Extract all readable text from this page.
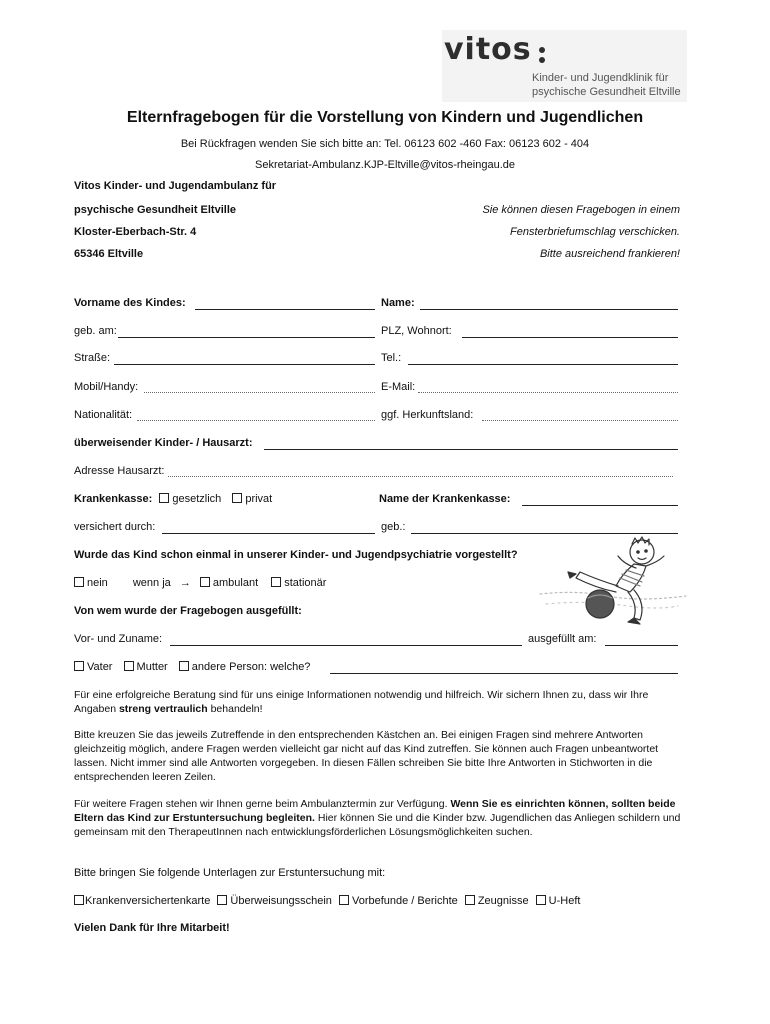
vitos
Kinder- und Jugendklinik für
psychische Gesundheit Eltville
Elternfragebogen für die Vorstellung von Kindern und Jugendlichen
Bei Rückfragen wenden Sie sich bitte an: Tel. 06123 602 -460 Fax: 06123 602 - 404
Sekretariat-Ambulanz.KJP-Eltville@vitos-rheingau.de
Vitos Kinder- und Jugendambulanz für
psychische Gesundheit Eltville
Kloster-Eberbach-Str. 4
65346 Eltville
Sie können diesen Fragebogen in einem
Fensterbriefumschlag verschicken.
Bitte ausreichend frankieren!
Vorname des Kindes:	Name:
geb. am:	PLZ, Wohnort:
Straße:	Tel.:
Mobil/Handy:	E-Mail:
Nationalität:	ggf. Herkunftsland:
überweisender Kinder- / Hausarzt:
Adresse Hausarzt:
Krankenkasse: gesetzlich privat	Name der Krankenkasse:
versichert durch:	geb.:
Wurde das Kind schon einmal in unserer Kinder- und Jugendpsychiatrie vorgestellt?
nein wenn ja → ambulant stationär
Von wem wurde der Fragebogen ausgefüllt:
Vor- und Zuname:	ausgefüllt am:
Vater Mutter andere Person: welche?
Für eine erfolgreiche Beratung sind für uns einige Informationen notwendig und hilfreich. Wir sichern Ihnen zu, dass wir Ihre Angaben streng vertraulich behandeln!
Bitte kreuzen Sie das jeweils Zutreffende in den entsprechenden Kästchen an. Bei einigen Fragen sind mehrere Antworten gleichzeitig möglich, andere Fragen werden vielleicht gar nicht auf das Kind zutreffen. Sie können auch Fragen unbeantwortet lassen. Nicht immer sind alle Antworten vorgegeben. In diesen Fällen schreiben Sie bitte Ihre Antworten in Stichworten in die entsprechenden leeren Zeilen.
Für weitere Fragen stehen wir Ihnen gerne beim Ambulanztermin zur Verfügung. Wenn Sie es einrichten können, sollten beide Eltern das Kind zur Erstuntersuchung begleiten. Hier können Sie und die Kinder bzw. Jugendlichen das Anliegen schildern und gemeinsam mit den TherapeutInnen nach entwicklungsförderlichen Lösungsmöglichkeiten suchen.
Bitte bringen Sie folgende Unterlagen zur Erstuntersuchung mit:
Krankenversichertenkarte Überweisungsschein Vorbefunde / Berichte Zeugnisse U-Heft
Vielen Dank für Ihre Mitarbeit!
